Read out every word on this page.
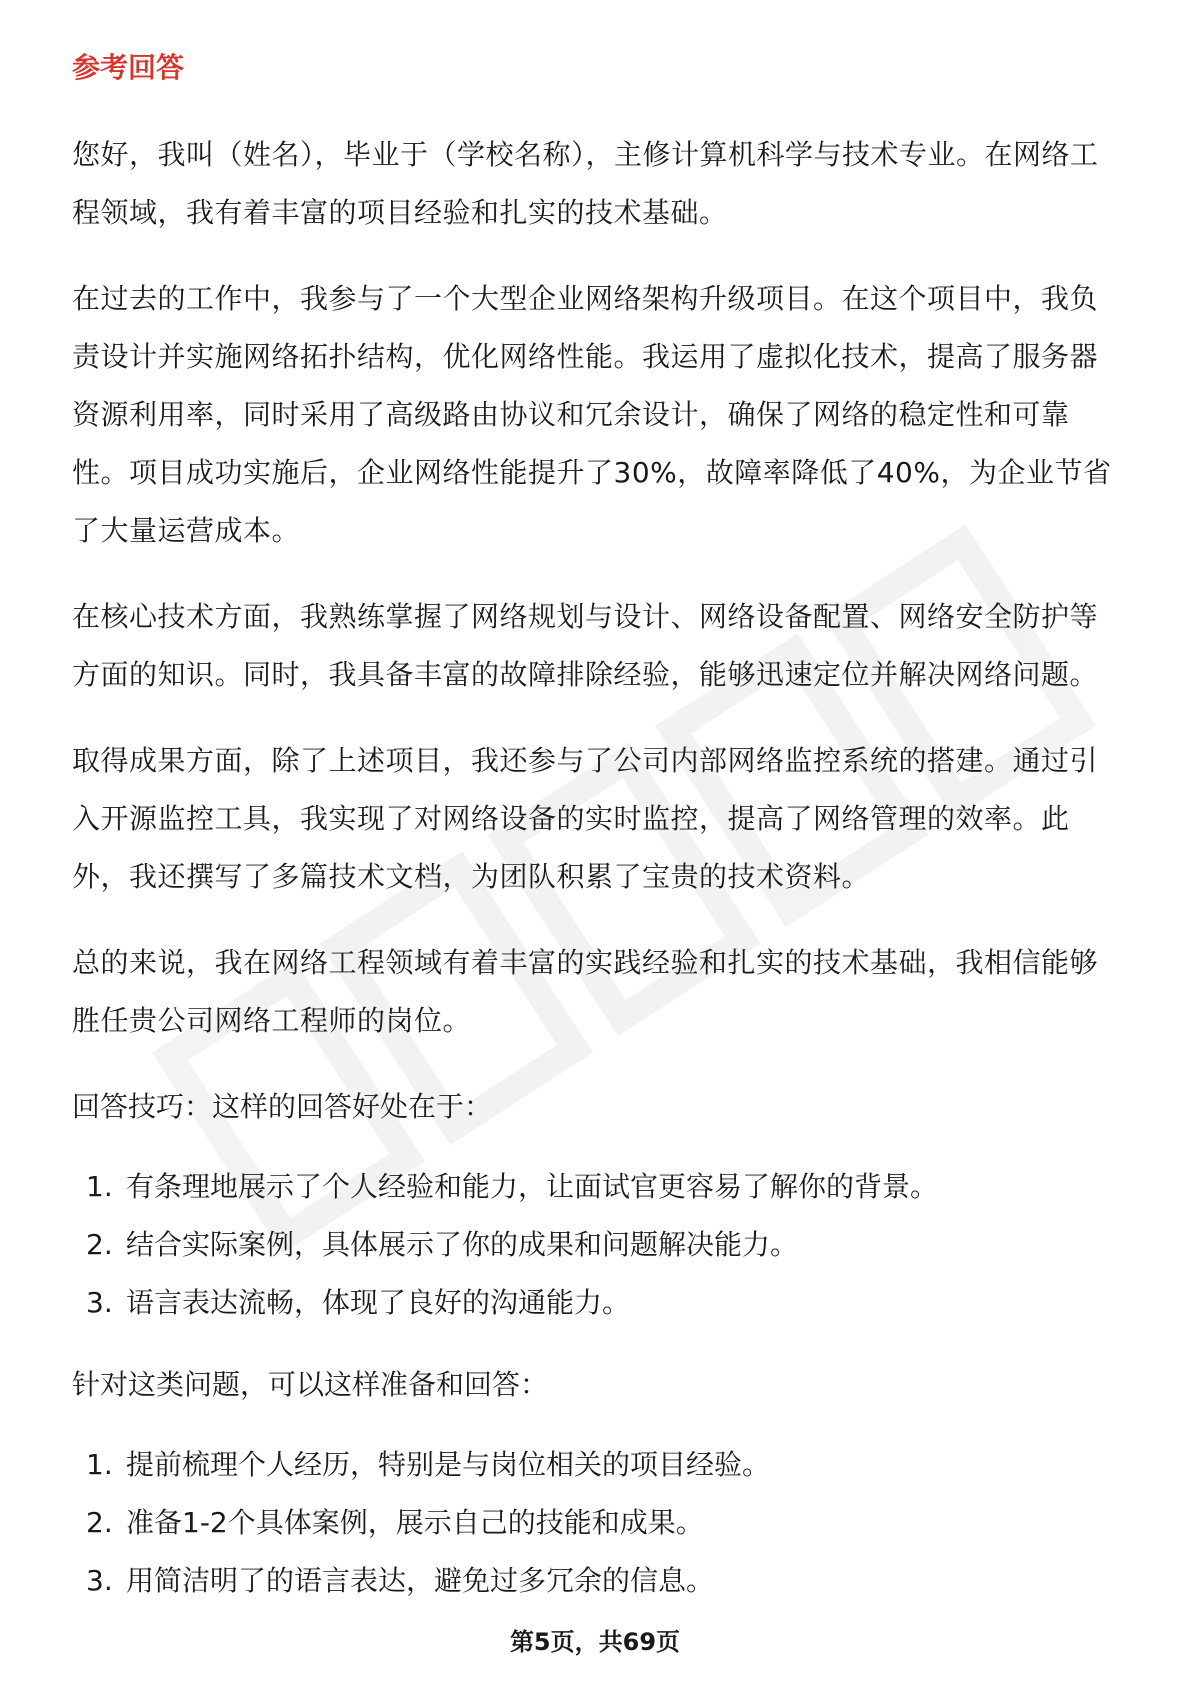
参考回答

您好，我叫（姓名），毕业于（学校名称），主修计算机科学与技术专业。在网络工程领域，我有着丰富的项目经验和扎实的技术基础。

在过去的工作中，我参与了一个大型企业网络架构升级项目。在这个项目中，我负责设计并实施网络拓扑结构，优化网络性能。我运用了虚拟化技术，提高了服务器资源利用率，同时采用了高级路由协议和冗余设计，确保了网络的稳定性和可靠性。项目成功实施后，企业网络性能提升了30%，故障率降低了40%，为企业节省了大量运营成本。

在核心技术方面，我熟练掌握了网络规划与设计、网络设备配置、网络安全防护等方面的知识。同时，我具备丰富的故障排除经验，能够迅速定位并解决网络问题。

取得成果方面，除了上述项目，我还参与了公司内部网络监控系统的搭建。通过引入开源监控工具，我实现了对网络设备的实时监控，提高了网络管理的效率。此外，我还撰写了多篇技术文档，为团队积累了宝贵的技术资料。

总的来说，我在网络工程领域有着丰富的实践经验和扎实的技术基础，我相信能够胜任贵公司网络工程师的岗位。

回答技巧：这样的回答好处在于：
1. 有条理地展示了个人经验和能力，让面试官更容易了解你的背景。
2. 结合实际案例，具体展示了你的成果和问题解决能力。
3. 语言表达流畅，体现了良好的沟通能力。
针对这类问题，可以这样准备和回答：
1. 提前梳理个人经历，特别是与岗位相关的项目经验。
2. 准备1-2个具体案例，展示自己的技能和成果。
3. 用简洁明了的语言表达，避免过多冗余的信息。
第5页，共69页
